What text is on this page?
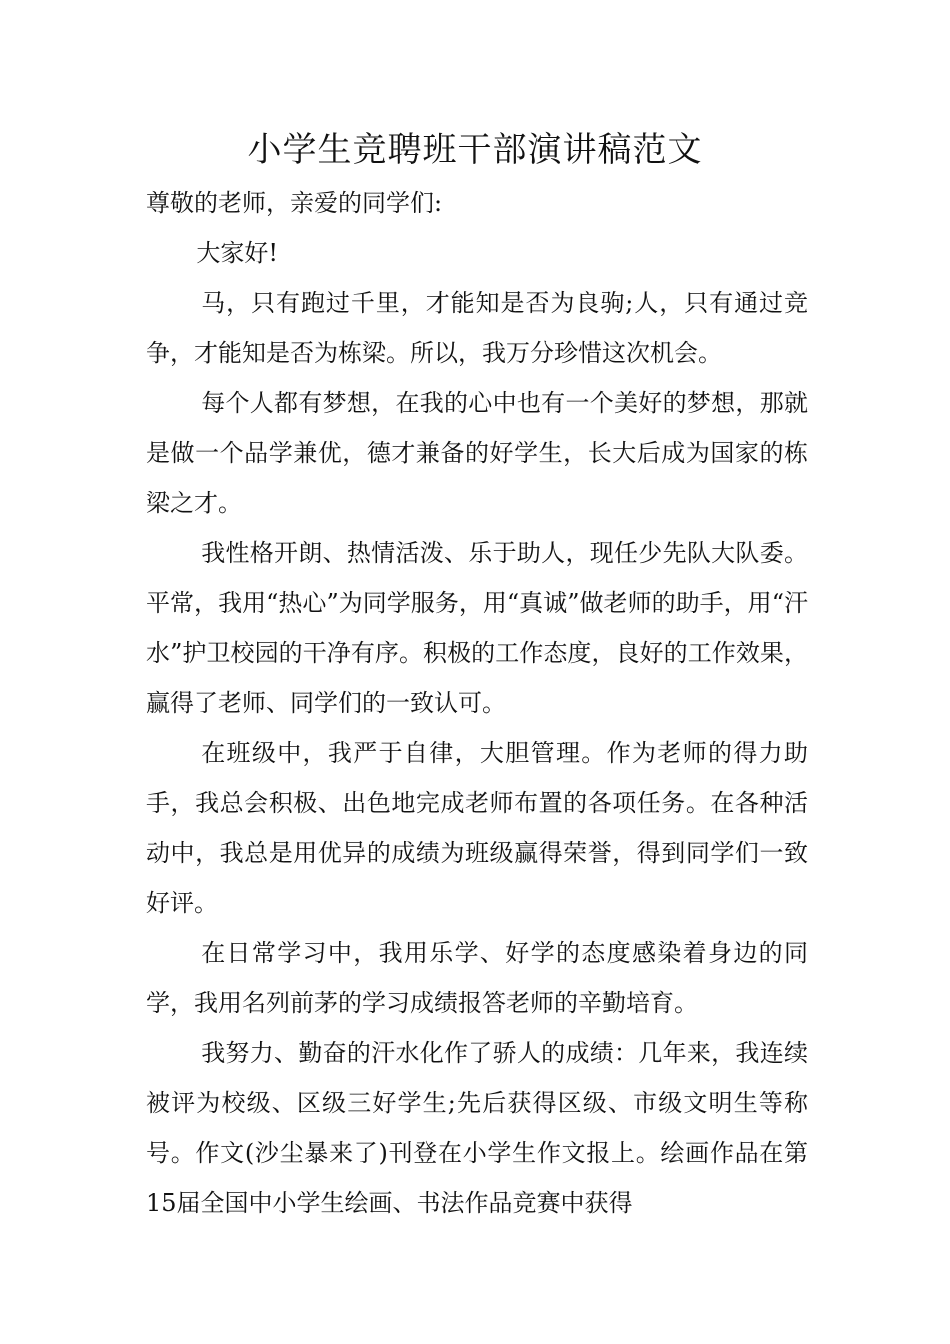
小学生竞聘班干部演讲稿范文

尊敬的老师，亲爱的同学们:

大家好!

马，只有跑过千里，才能知是否为良驹;人，只有通过竞争，才能知是否为栋梁。所以，我万分珍惜这次机会。

每个人都有梦想，在我的心中也有一个美好的梦想，那就是做一个品学兼优，德才兼备的好学生，长大后成为国家的栋梁之才。

我性格开朗、热情活泼、乐于助人，现任少先队大队委。平常，我用“热心”为同学服务，用“真诚”做老师的助手，用“汗水”护卫校园的干净有序。积极的工作态度，良好的工作效果，赢得了老师、同学们的一致认可。

在班级中，我严于自律，大胆管理。作为老师的得力助手，我总会积极、出色地完成老师布置的各项任务。在各种活动中，我总是用优异的成绩为班级赢得荣誉，得到同学们一致好评。

在日常学习中，我用乐学、好学的态度感染着身边的同学，我用名列前茅的学习成绩报答老师的辛勤培育。

我努力、勤奋的汗水化作了骄人的成绩：几年来，我连续被评为校级、区级三好学生;先后获得区级、市级文明生等称号。作文(沙尘暴来了)刊登在小学生作文报上。绘画作品在第15届全国中小学生绘画、书法作品竞赛中获得
